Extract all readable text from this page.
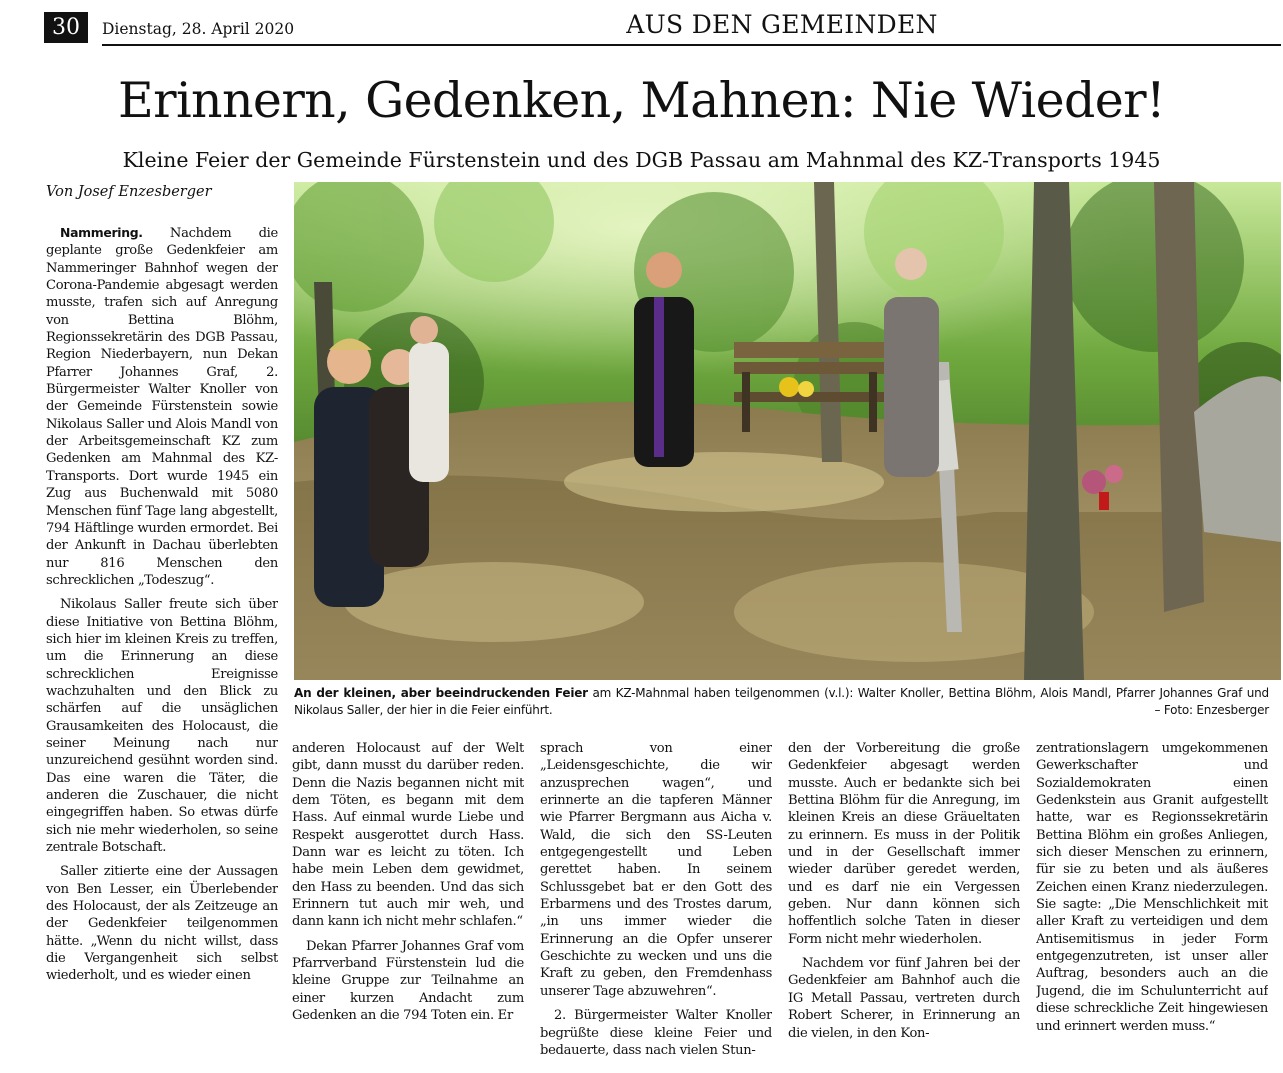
30	Dienstag, 28. April 2020	AUS DEN GEMEINDEN
Erinnern, Gedenken, Mahnen: Nie Wieder!
Kleine Feier der Gemeinde Fürstenstein und des DGB Passau am Mahnmal des KZ-Transports 1945
Von Josef Enzesberger
An der kleinen, aber beeindruckenden Feier am KZ-Mahnmal haben teilgenommen (v.l.): Walter Knoller, Bettina Blöhm, Alois Mandl, Pfarrer Johannes Graf und Nikolaus Saller, der hier in die Feier einführt.	– Foto: Enzesberger

Nammering. Nachdem die geplante große Gedenkfeier am Nammeringer Bahnhof wegen der Corona-Pandemie abgesagt werden musste, trafen sich auf Anregung von Bettina Blöhm, Regionssekretärin des DGB Passau, Region Niederbayern, nun Dekan Pfarrer Johannes Graf, 2. Bürgermeister Walter Knoller von der Gemeinde Fürstenstein sowie Nikolaus Saller und Alois Mandl von der Arbeitsgemeinschaft KZ zum Gedenken am Mahnmal des KZ-Transports. Dort wurde 1945 ein Zug aus Buchenwald mit 5080 Menschen fünf Tage lang abgestellt, 794 Häftlinge wurden ermordet. Bei der Ankunft in Dachau überlebten nur 816 Menschen den schrecklichen „Todeszug“.

Nikolaus Saller freute sich über diese Initiative von Bettina Blöhm, sich hier im kleinen Kreis zu treffen, um die Erinnerung an diese schrecklichen Ereignisse wachzuhalten und den Blick zu schärfen auf die unsäglichen Grausamkeiten des Holocaust, die seiner Meinung nach nur unzureichend gesühnt worden sind. Das eine waren die Täter, die anderen die Zuschauer, die nicht eingegriffen haben. So etwas dürfe sich nie mehr wiederholen, so seine zentrale Botschaft.

Saller zitierte eine der Aussagen von Ben Lesser, ein Überlebender des Holocaust, der als Zeitzeuge an der Gedenkfeier teilgenommen hätte. „Wenn du nicht willst, dass die Vergangenheit sich selbst wiederholt, und es wieder einen

anderen Holocaust auf der Welt gibt, dann musst du darüber reden. Denn die Nazis begannen nicht mit dem Töten, es begann mit dem Hass. Auf einmal wurde Liebe und Respekt ausgerottet durch Hass. Dann war es leicht zu töten. Ich habe mein Leben dem gewidmet, den Hass zu beenden. Und das sich Erinnern tut auch mir weh, und dann kann ich nicht mehr schlafen.“

Dekan Pfarrer Johannes Graf vom Pfarrverband Fürstenstein lud die kleine Gruppe zur Teilnahme an einer kurzen Andacht zum Gedenken an die 794 Toten ein. Er

sprach von einer „Leidensgeschichte, die wir anzusprechen wagen“, und erinnerte an die tapferen Männer wie Pfarrer Bergmann aus Aicha v. Wald, die sich den SS-Leuten entgegengestellt und Leben gerettet haben. In seinem Schlussgebet bat er den Gott des Erbarmens und des Trostes darum, „in uns immer wieder die Erinnerung an die Opfer unserer Geschichte zu wecken und uns die Kraft zu geben, den Fremdenhass unserer Tage abzuwehren“.

2. Bürgermeister Walter Knoller begrüßte diese kleine Feier und bedauerte, dass nach vielen Stun-

den der Vorbereitung die große Gedenkfeier abgesagt werden musste. Auch er bedankte sich bei Bettina Blöhm für die Anregung, im kleinen Kreis an diese Gräueltaten zu erinnern. Es muss in der Politik und in der Gesellschaft immer wieder darüber geredet werden, und es darf nie ein Vergessen geben. Nur dann können sich hoffentlich solche Taten in dieser Form nicht mehr wiederholen.

Nachdem vor fünf Jahren bei der Gedenkfeier am Bahnhof auch die IG Metall Passau, vertreten durch Robert Scherer, in Erinnerung an die vielen, in den Kon-

zentrationslagern umgekommenen Gewerkschafter und Sozialdemokraten einen Gedenkstein aus Granit aufgestellt hatte, war es Regionssekretärin Bettina Blöhm ein großes Anliegen, sich dieser Menschen zu erinnern, für sie zu beten und als äußeres Zeichen einen Kranz niederzulegen. Sie sagte: „Die Menschlichkeit mit aller Kraft zu verteidigen und dem Antisemitismus in jeder Form entgegenzutreten, ist unser aller Auftrag, besonders auch an die Jugend, die im Schulunterricht auf diese schreckliche Zeit hingewiesen und erinnert werden muss.“
